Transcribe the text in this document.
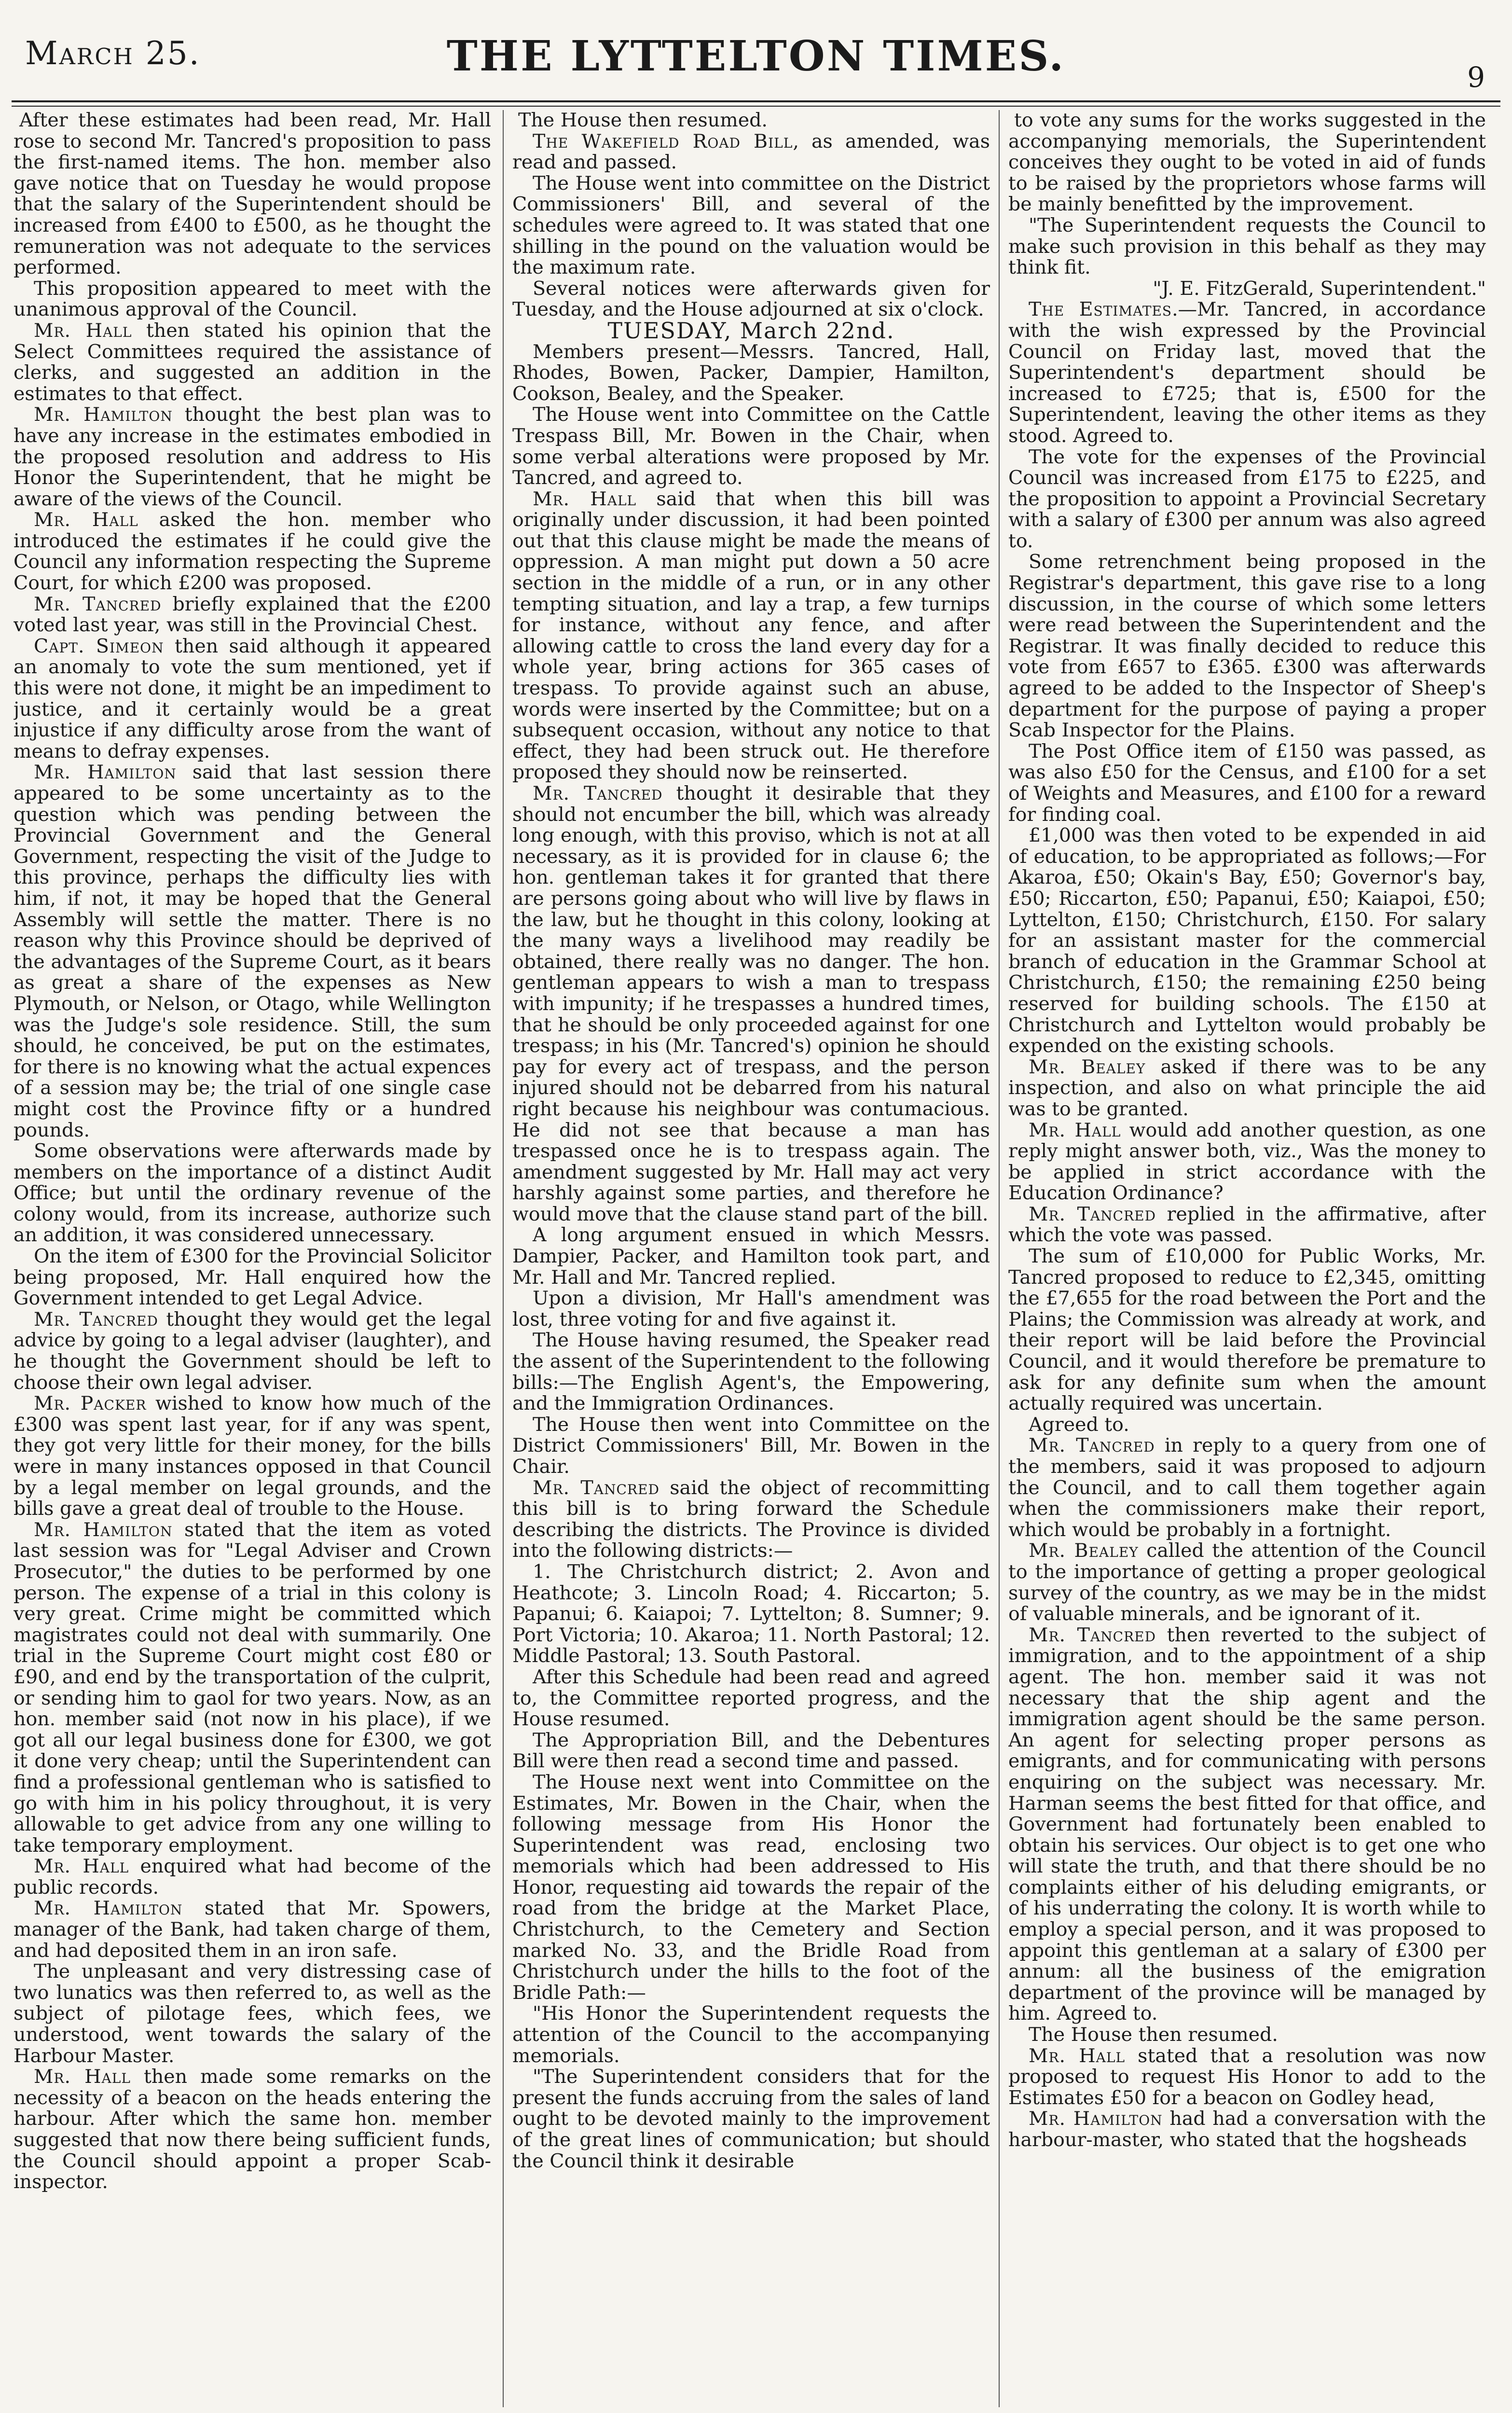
March 25.	THE LYTTELTON TIMES.	9

After these estimates had been read, Mr. Hall rose to second Mr. Tancred's proposition to pass the first-named items. The hon. member also gave notice that on Tuesday he would propose that the salary of the Superintendent should be increased from £400 to £500, as he thought the remuneration was not adequate to the services performed.

This proposition appeared to meet with the unanimous approval of the Council.

Mr. Hall then stated his opinion that the Select Committees required the assistance of clerks, and suggested an addition in the estimates to that effect.

Mr. Hamilton thought the best plan was to have any increase in the estimates embodied in the proposed resolution and address to His Honor the Superintendent, that he might be aware of the views of the Council.

Mr. Hall asked the hon. member who introduced the estimates if he could give the Council any information respecting the Supreme Court, for which £200 was proposed.

Mr. Tancred briefly explained that the £200 voted last year, was still in the Provincial Chest.

Capt. Simeon then said although it appeared an anomaly to vote the sum mentioned, yet if this were not done, it might be an impediment to justice, and it certainly would be a great injustice if any difficulty arose from the want of means to defray expenses.

Mr. Hamilton said that last session there appeared to be some uncertainty as to the question which was pending between the Provincial Government and the General Government, respecting the visit of the Judge to this province, perhaps the difficulty lies with him, if not, it may be hoped that the General Assembly will settle the matter. There is no reason why this Province should be deprived of the advantages of the Supreme Court, as it bears as great a share of the expenses as New Plymouth, or Nelson, or Otago, while Wellington was the Judge's sole residence. Still, the sum should, he conceived, be put on the estimates, for there is no knowing what the actual expences of a session may be; the trial of one single case might cost the Province fifty or a hundred pounds.

Some observations were afterwards made by members on the importance of a distinct Audit Office; but until the ordinary revenue of the colony would, from its increase, authorize such an addition, it was considered unnecessary.

On the item of £300 for the Provincial Solicitor being proposed, Mr. Hall enquired how the Government intended to get Legal Advice.

Mr. Tancred thought they would get the legal advice by going to a legal adviser (laughter), and he thought the Government should be left to choose their own legal adviser.

Mr. Packer wished to know how much of the £300 was spent last year, for if any was spent, they got very little for their money, for the bills were in many instances opposed in that Council by a legal member on legal grounds, and the bills gave a great deal of trouble to the House.

Mr. Hamilton stated that the item as voted last session was for "Legal Adviser and Crown Prosecutor," the duties to be performed by one person. The expense of a trial in this colony is very great. Crime might be committed which magistrates could not deal with summarily. One trial in the Supreme Court might cost £80 or £90, and end by the transportation of the culprit, or sending him to gaol for two years. Now, as an hon. member said (not now in his place), if we got all our legal business done for £300, we got it done very cheap; until the Superintendent can find a professional gentleman who is satisfied to go with him in his policy throughout, it is very allowable to get advice from any one willing to take temporary employment.

Mr. Hall enquired what had become of the public records.

Mr. Hamilton stated that Mr. Spowers, manager of the Bank, had taken charge of them, and had deposited them in an iron safe.

The unpleasant and very distressing case of two lunatics was then referred to, as well as the subject of pilotage fees, which fees, we understood, went towards the salary of the Harbour Master.

Mr. Hall then made some remarks on the necessity of a beacon on the heads entering the harbour. After which the same hon. member suggested that now there being sufficient funds, the Council should appoint a proper Scab-inspector.

The House then resumed.

The Wakefield Road Bill, as amended, was read and passed.

The House went into committee on the District Commissioners' Bill, and several of the schedules were agreed to. It was stated that one shilling in the pound on the valuation would be the maximum rate.

Several notices were afterwards given for Tuesday, and the House adjourned at six o'clock.

TUESDAY, March 22nd.

Members present—Messrs. Tancred, Hall, Rhodes, Bowen, Packer, Dampier, Hamilton, Cookson, Bealey, and the Speaker.

The House went into Committee on the Cattle Trespass Bill, Mr. Bowen in the Chair, when some verbal alterations were proposed by Mr. Tancred, and agreed to.

Mr. Hall said that when this bill was originally under discussion, it had been pointed out that this clause might be made the means of oppression. A man might put down a 50 acre section in the middle of a run, or in any other tempting situation, and lay a trap, a few turnips for instance, without any fence, and after allowing cattle to cross the land every day for a whole year, bring actions for 365 cases of trespass. To provide against such an abuse, words were inserted by the Committee; but on a subsequent occasion, without any notice to that effect, they had been struck out. He therefore proposed they should now be reinserted.

Mr. Tancred thought it desirable that they should not encumber the bill, which was already long enough, with this proviso, which is not at all necessary, as it is provided for in clause 6; the hon. gentleman takes it for granted that there are persons going about who will live by flaws in the law, but he thought in this colony, looking at the many ways a livelihood may readily be obtained, there really was no danger. The hon. gentleman appears to wish a man to trespass with impunity; if he trespasses a hundred times, that he should be only proceeded against for one trespass; in his (Mr. Tancred's) opinion he should pay for every act of trespass, and the person injured should not be debarred from his natural right because his neighbour was contumacious. He did not see that because a man has trespassed once he is to trespass again. The amendment suggested by Mr. Hall may act very harshly against some parties, and therefore he would move that the clause stand part of the bill.

A long argument ensued in which Messrs. Dampier, Packer, and Hamilton took part, and Mr. Hall and Mr. Tancred replied.

Upon a division, Mr Hall's amendment was lost, three voting for and five against it.

The House having resumed, the Speaker read the assent of the Superintendent to the following bills:—The English Agent's, the Empowering, and the Immigration Ordinances.

The House then went into Committee on the District Commissioners' Bill, Mr. Bowen in the Chair.

Mr. Tancred said the object of recommitting this bill is to bring forward the Schedule describing the districts. The Province is divided into the following districts:—

1. The Christchurch district; 2. Avon and Heathcote; 3. Lincoln Road; 4. Riccarton; 5. Papanui; 6. Kaiapoi; 7. Lyttelton; 8. Sumner; 9. Port Victoria; 10. Akaroa; 11. North Pastoral; 12. Middle Pastoral; 13. South Pastoral.

After this Schedule had been read and agreed to, the Committee reported progress, and the House resumed.

The Appropriation Bill, and the Debentures Bill were then read a second time and passed.

The House next went into Committee on the Estimates, Mr. Bowen in the Chair, when the following message from His Honor the Superintendent was read, enclosing two memorials which had been addressed to His Honor, requesting aid towards the repair of the road from the bridge at the Market Place, Christchurch, to the Cemetery and Section marked No. 33, and the Bridle Road from Christchurch under the hills to the foot of the Bridle Path:—

"His Honor the Superintendent requests the attention of the Council to the accompanying memorials.

"The Superintendent considers that for the present the funds accruing from the sales of land ought to be devoted mainly to the improvement of the great lines of communication; but should the Council think it desirable

to vote any sums for the works suggested in the accompanying memorials, the Superintendent conceives they ought to be voted in aid of funds to be raised by the proprietors whose farms will be mainly benefitted by the improvement.

"The Superintendent requests the Council to make such provision in this behalf as they may think fit.

"J. E. FitzGerald, Superintendent."

The Estimates.—Mr. Tancred, in accordance with the wish expressed by the Provincial Council on Friday last, moved that the Superintendent's department should be increased to £725; that is, £500 for the Superintendent, leaving the other items as they stood. Agreed to.

The vote for the expenses of the Provincial Council was increased from £175 to £225, and the proposition to appoint a Provincial Secretary with a salary of £300 per annum was also agreed to.

Some retrenchment being proposed in the Registrar's department, this gave rise to a long discussion, in the course of which some letters were read between the Superintendent and the Registrar. It was finally decided to reduce this vote from £657 to £365. £300 was afterwards agreed to be added to the Inspector of Sheep's department for the purpose of paying a proper Scab Inspector for the Plains.

The Post Office item of £150 was passed, as was also £50 for the Census, and £100 for a set of Weights and Measures, and £100 for a reward for finding coal.

£1,000 was then voted to be expended in aid of education, to be appropriated as follows;—For Akaroa, £50; Okain's Bay, £50; Governor's bay, £50; Riccarton, £50; Papanui, £50; Kaiapoi, £50; Lyttelton, £150; Christchurch, £150. For salary for an assistant master for the commercial branch of education in the Grammar School at Christchurch, £150; the remaining £250 being reserved for building schools. The £150 at Christchurch and Lyttelton would probably be expended on the existing schools.

Mr. Bealey asked if there was to be any inspection, and also on what principle the aid was to be granted.

Mr. Hall would add another question, as one reply might answer both, viz., Was the money to be applied in strict accordance with the Education Ordinance?

Mr. Tancred replied in the affirmative, after which the vote was passed.

The sum of £10,000 for Public Works, Mr. Tancred proposed to reduce to £2,345, omitting the £7,655 for the road between the Port and the Plains; the Commission was already at work, and their report will be laid before the Provincial Council, and it would therefore be premature to ask for any definite sum when the amount actually required was uncertain.

Agreed to.

Mr. Tancred in reply to a query from one of the members, said it was proposed to adjourn the Council, and to call them together again when the commissioners make their report, which would be probably in a fortnight.

Mr. Bealey called the attention of the Council to the importance of getting a proper geological survey of the country, as we may be in the midst of valuable minerals, and be ignorant of it.

Mr. Tancred then reverted to the subject of immigration, and to the appointment of a ship agent. The hon. member said it was not necessary that the ship agent and the immigration agent should be the same person. An agent for selecting proper persons as emigrants, and for communicating with persons enquiring on the subject was necessary. Mr. Harman seems the best fitted for that office, and Government had fortunately been enabled to obtain his services. Our object is to get one who will state the truth, and that there should be no complaints either of his deluding emigrants, or of his underrating the colony. It is worth while to employ a special person, and it was proposed to appoint this gentleman at a salary of £300 per annum: all the business of the emigration department of the province will be managed by him. Agreed to.

The House then resumed.

Mr. Hall stated that a resolution was now proposed to request His Honor to add to the Estimates £50 for a beacon on Godley head,

Mr. Hamilton had had a conversation with the harbour-master, who stated that the hogsheads
